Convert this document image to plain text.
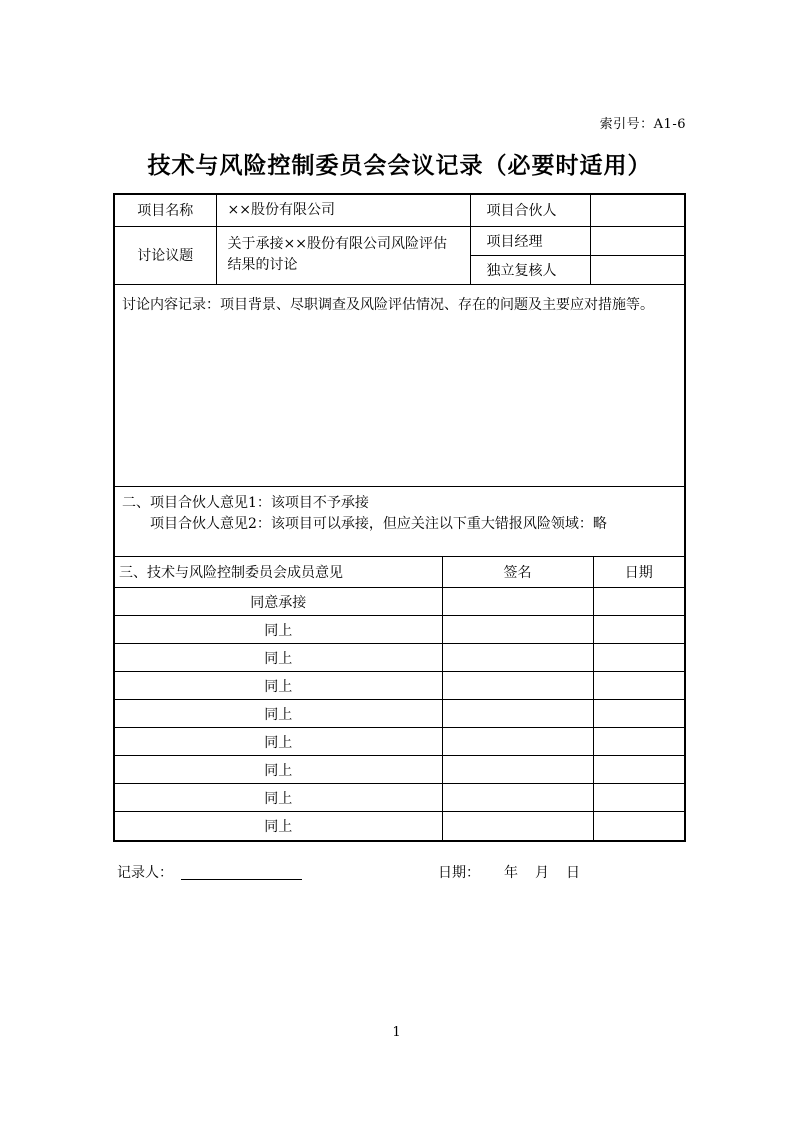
索引号：A1-6
技术与风险控制委员会会议记录（必要时适用）
项目名称	××股份有限公司	项目合伙人	
讨论议题	关于承接××股份有限公司风险评估结果的讨论	项目经理	
		独立复核人	
讨论内容记录：项目背景、尽职调查及风险评估情况、存在的问题及主要应对措施等。
二、项目合伙人意见1：该项目不予承接
项目合伙人意见2：该项目可以承接，但应关注以下重大错报风险领域：略
三、技术与风险控制委员会成员意见	签名	日期
同意承接		
同上		
同上		
同上		
同上		
同上		
同上		
同上		
同上		
记录人：	日期： 年 月 日
1
